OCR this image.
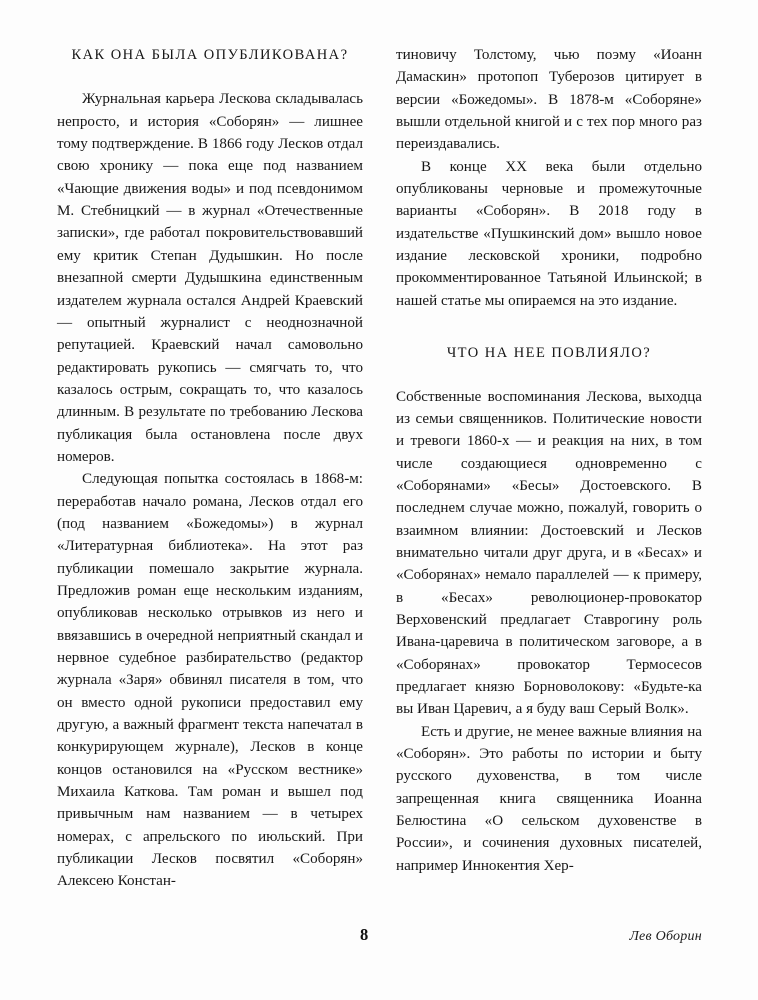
КАК ОНА БЫЛА ОПУБЛИКОВАНА?

Журнальная карьера Лескова складывалась непросто, и история «Соборян» — лишнее тому подтверждение. В 1866 году Лесков отдал свою хронику — пока еще под названием «Чающие движения воды» и под псевдонимом М. Стебницкий — в журнал «Отечественные записки», где работал покровительствовавший ему критик Степан Дудышкин. Но после внезапной смерти Дудышкина единственным издателем журнала остался Андрей Краевский — опытный журналист с неоднозначной репутацией. Краевский начал самовольно редактировать рукопись — смягчать то, что казалось острым, сокращать то, что казалось длинным. В результате по требованию Лескова публикация была остановлена после двух номеров.

Следующая попытка состоялась в 1868-м: переработав начало романа, Лесков отдал его (под названием «Божедомы») в журнал «Литературная библиотека». На этот раз публикации помешало закрытие журнала. Предложив роман еще нескольким изданиям, опубликовав несколько отрывков из него и ввязавшись в очередной неприятный скандал и нервное судебное разбирательство (редактор журнала «Заря» обвинял писателя в том, что он вместо одной рукописи предоставил ему другую, а важный фрагмент текста напечатал в конкурирующем журнале), Лесков в конце концов остановился на «Русском вестнике» Михаила Каткова. Там роман и вышел под привычным нам названием — в четырех номерах, с апрельского по июльский. При публикации Лесков посвятил «Соборян» Алексею Констан-

тиновичу Толстому, чью поэму «Иоанн Дамаскин» протопоп Туберозов цитирует в версии «Божедомы». В 1878-м «Соборяне» вышли отдельной книгой и с тех пор много раз переиздавались.

В конце XX века были отдельно опубликованы черновые и промежуточные варианты «Соборян». В 2018 году в издательстве «Пушкинский дом» вышло новое издание лесковской хроники, подробно прокомментированное Татьяной Ильинской; в нашей статье мы опираемся на это издание.

ЧТО НА НЕЕ ПОВЛИЯЛО?

Собственные воспоминания Лескова, выходца из семьи священников. Политические новости и тревоги 1860-х — и реакция на них, в том числе создающиеся одновременно с «Соборянами» «Бесы» Достоевского. В последнем случае можно, пожалуй, говорить о взаимном влиянии: Достоевский и Лесков внимательно читали друг друга, и в «Бесах» и «Соборянах» немало параллелей — к примеру, в «Бесах» революционер-провокатор Верховенский предлагает Ставрогину роль Ивана-царевича в политическом заговоре, а в «Соборянах» провокатор Термосесов предлагает князю Борноволокову: «Будьте-ка вы Иван Царевич, а я буду ваш Серый Волк».

Есть и другие, не менее важные влияния на «Соборян». Это работы по истории и быту русского духовенства, в том числе запрещенная книга священника Иоанна Белюстина «О сельском духовенстве в России», и сочинения духовных писателей, например Иннокентия Хер-

8	Лев Оборин
